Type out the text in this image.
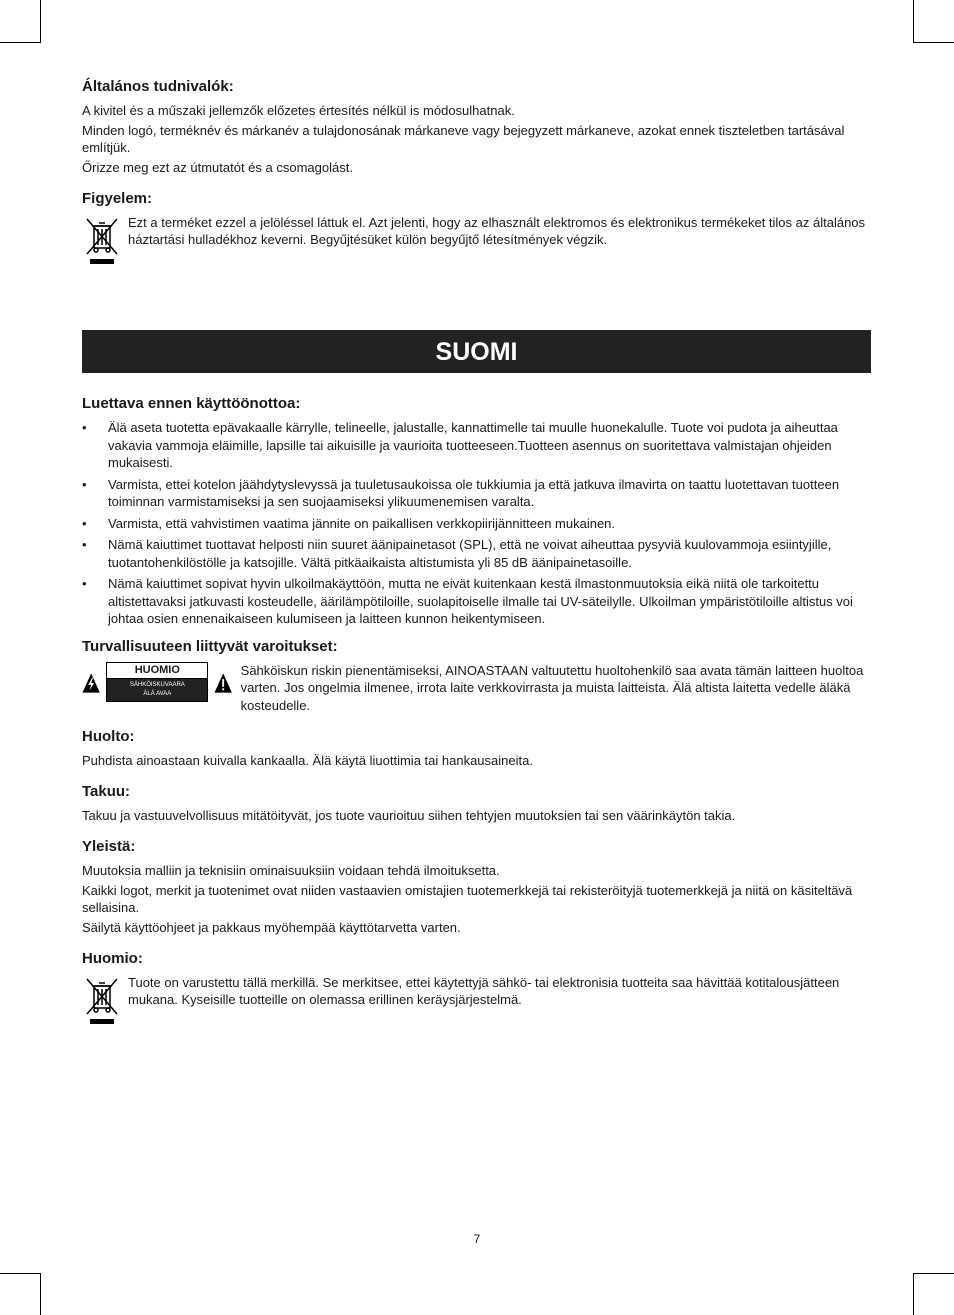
Általános tudnivalók:

A kivitel és a műszaki jellemzők előzetes értesítés nélkül is módosulhatnak.

Minden logó, terméknév és márkanév a tulajdonosának márkaneve vagy bejegyzett márkaneve, azokat ennek tiszteletben tartásával említjük.

Őrizze meg ezt az útmutatót és a csomagolást.

Figyelem:
Ezt a terméket ezzel a jelöléssel láttuk el. Azt jelenti, hogy az elhasznált elektromos és elektronikus termékeket tilos az általános háztartási hulladékhoz keverni. Begyűjtésüket külön begyűjtő létesítmények végzik.
SUOMI
Luettava ennen käyttöönottoa:
• Älä aseta tuotetta epävakaalle kärrylle, telineelle, jalustalle, kannattimelle tai muulle huonekalulle. Tuote voi pudota ja aiheuttaa vakavia vammoja eläimille, lapsille tai aikuisille ja vaurioita tuotteeseen.Tuotteen asennus on suoritettava valmistajan ohjeiden mukaisesti.
• Varmista, ettei kotelon jäähdytyslevyssä ja tuuletusaukoissa ole tukkiumia ja että jatkuva ilmavirta on taattu luotettavan tuotteen toiminnan varmistamiseksi ja sen suojaamiseksi ylikuumenemisen varalta.
• Varmista, että vahvistimen vaatima jännite on paikallisen verkkopiirijännitteen mukainen.
• Nämä kaiuttimet tuottavat helposti niin suuret äänipainetasot (SPL), että ne voivat aiheuttaa pysyviä kuulovammoja esiintyjille, tuotantohenkilöstölle ja katsojille. Vältä pitkäaikaista altistumista yli 85 dB äänipainetasoille.
• Nämä kaiuttimet sopivat hyvin ulkoilmakäyttöön, mutta ne eivät kuitenkaan kestä ilmastonmuutoksia eikä niitä ole tarkoitettu altistettavaksi jatkuvasti kosteudelle, äärilämpötiloille, suolapitoiselle ilmalle tai UV-säteilylle. Ulkoilman ympäristötiloille altistus voi johtaa osien ennenaikaiseen kulumiseen ja laitteen kunnon heikentymiseen.
Turvallisuuteen liittyvät varoitukset:
HUOMIO
SÄHKÖISKUVAARA
ÄLÄ AVAA
Sähköiskun riskin pienentämiseksi, AINOASTAAN valtuutettu huoltohenkilö saa avata tämän laitteen huoltoa varten. Jos ongelmia ilmenee, irrota laite verkkovirrasta ja muista laitteista. Älä altista laitetta vedelle äläkä kosteudelle.
Huolto:

Puhdista ainoastaan kuivalla kankaalla. Älä käytä liuottimia tai hankausaineita.

Takuu:

Takuu ja vastuuvelvollisuus mitätöityvät, jos tuote vaurioituu siihen tehtyjen muutoksien tai sen väärinkäytön takia.

Yleistä:

Muutoksia malliin ja teknisiin ominaisuuksiin voidaan tehdä ilmoituksetta.

Kaikki logot, merkit ja tuotenimet ovat niiden vastaavien omistajien tuotemerkkejä tai rekisteröityjä tuotemerkkejä ja niitä on käsiteltävä sellaisina.

Säilytä käyttöohjeet ja pakkaus myöhempää käyttötarvetta varten.

Huomio:
Tuote on varustettu tällä merkillä. Se merkitsee, ettei käytettyjä sähkö- tai elektronisia tuotteita saa hävittää kotitalousjätteen mukana. Kyseisille tuotteille on olemassa erillinen keräysjärjestelmä.
7
